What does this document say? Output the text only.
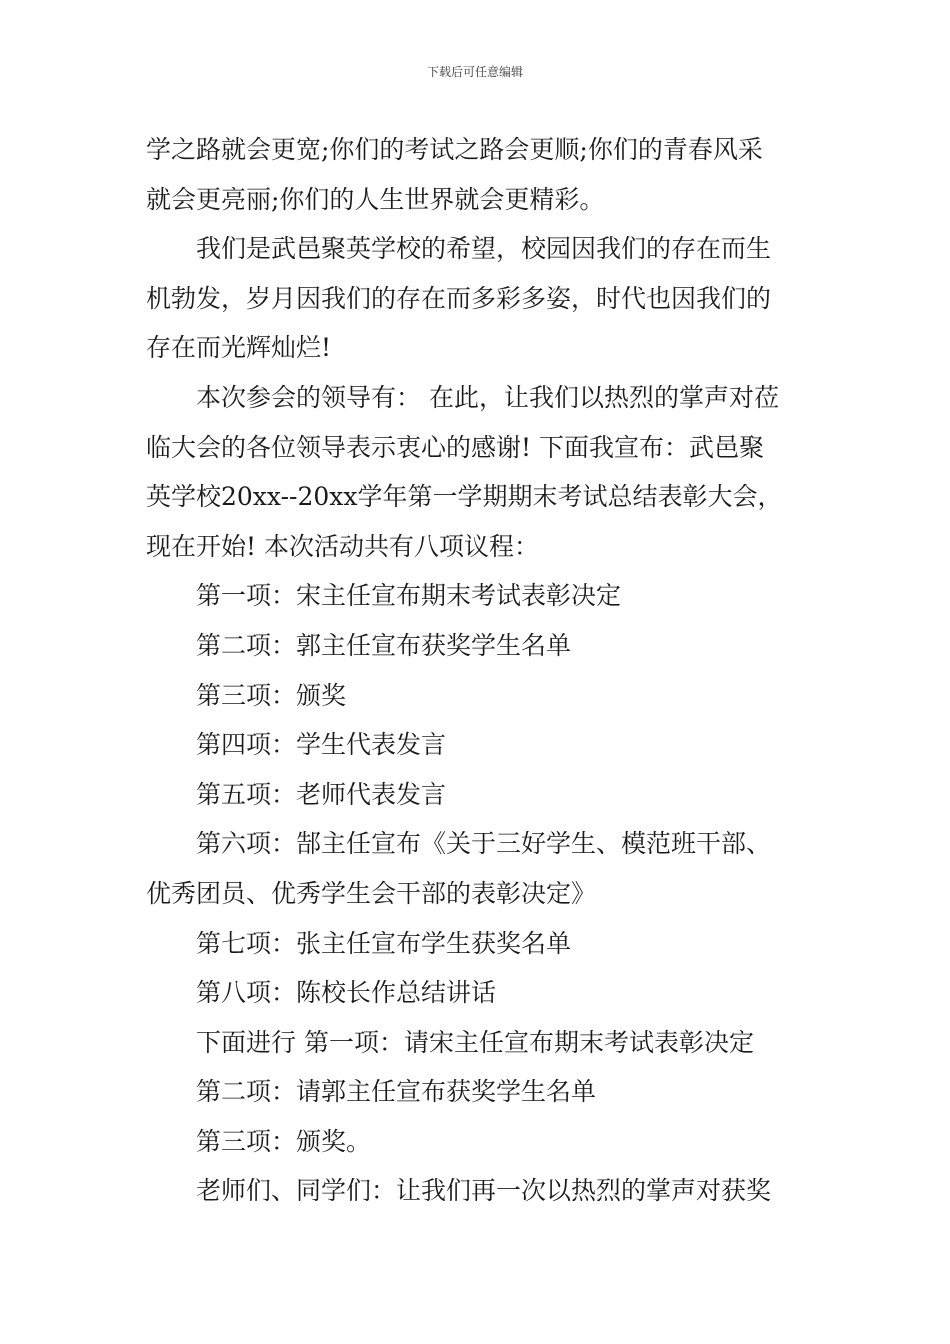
下载后可任意编辑
学之路就会更宽;你们的考试之路会更顺;你们的青春风采
就会更亮丽;你们的人生世界就会更精彩。
我们是武邑聚英学校的希望，校园因我们的存在而生
机勃发，岁月因我们的存在而多彩多姿，时代也因我们的
存在而光辉灿烂!
本次参会的领导有： 在此，让我们以热烈的掌声对莅
临大会的各位领导表示衷心的感谢! 下面我宣布：武邑聚
英学校20xx--20xx学年第一学期期末考试总结表彰大会，
现在开始! 本次活动共有八项议程：
第一项：宋主任宣布期末考试表彰决定
第二项：郭主任宣布获奖学生名单
第三项：颁奖
第四项：学生代表发言
第五项：老师代表发言
第六项：郜主任宣布《关于三好学生、模范班干部、
优秀团员、优秀学生会干部的表彰决定》
第七项：张主任宣布学生获奖名单
第八项：陈校长作总结讲话
下面进行 第一项：请宋主任宣布期末考试表彰决定
第二项：请郭主任宣布获奖学生名单
第三项：颁奖。
老师们、同学们：让我们再一次以热烈的掌声对获奖
